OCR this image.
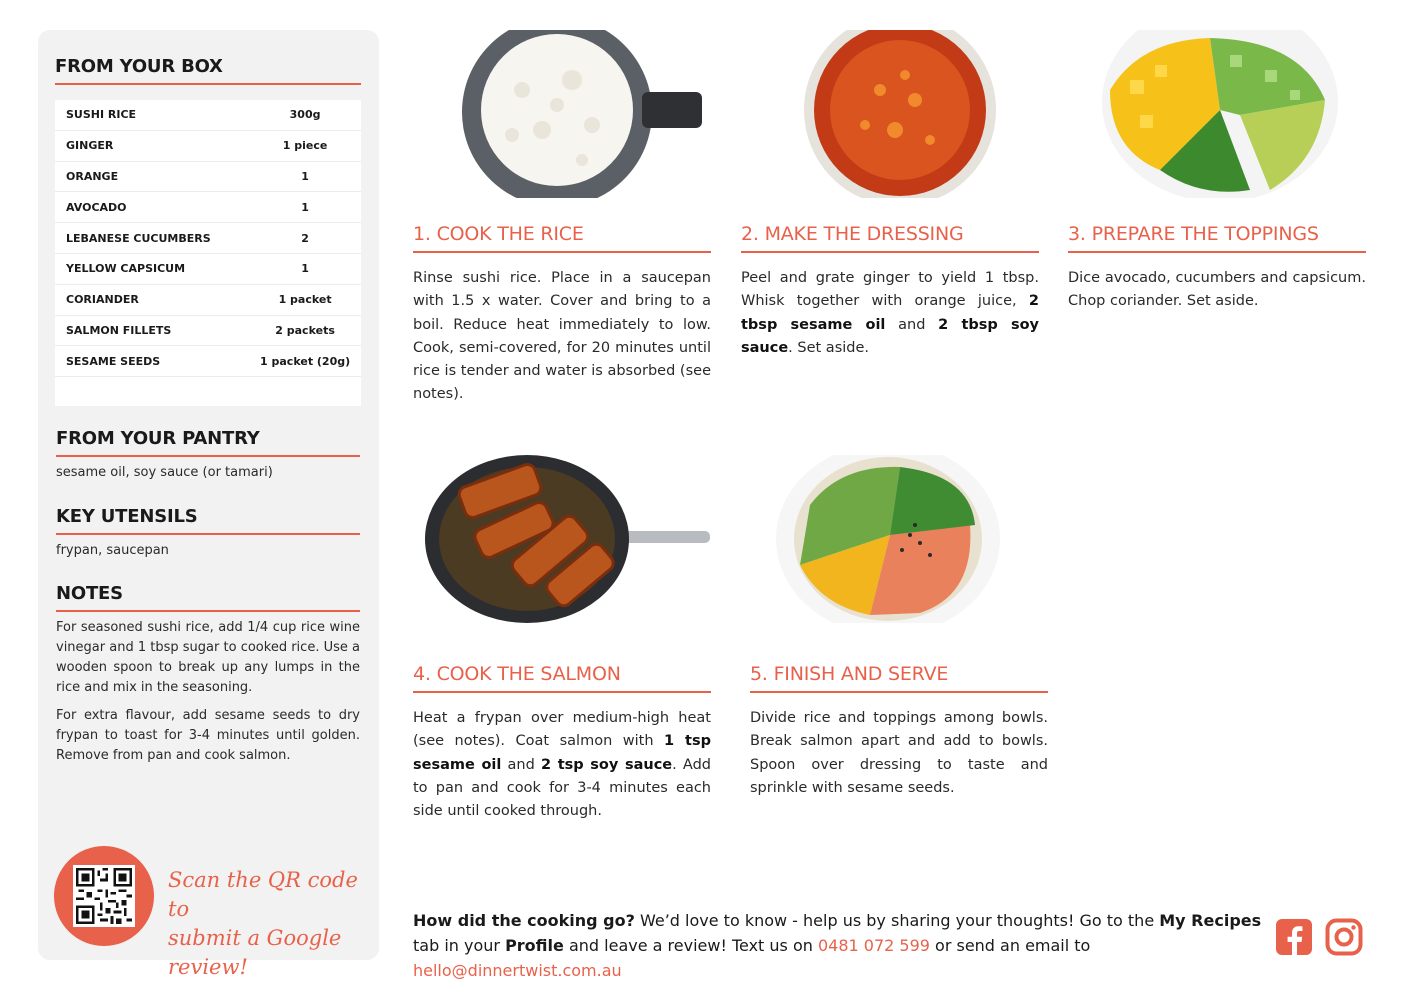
FROM YOUR BOX
SUSHI RICE	300g
GINGER	1 piece
ORANGE	1
AVOCADO	1
LEBANESE CUCUMBERS	2
YELLOW CAPSICUM	1
CORIANDER	1 packet
SALMON FILLETS	2 packets
SESAME SEEDS	1 packet (20g)
FROM YOUR PANTRY
sesame oil, soy sauce (or tamari)
KEY UTENSILS
frypan, saucepan
NOTES

For seasoned sushi rice, add 1/4 cup rice wine vinegar and 1 tbsp sugar to cooked rice. Use a wooden spoon to break up any lumps in the rice and mix in the seasoning.

For extra flavour, add sesame seeds to dry frypan to toast for 3-4 minutes until golden. Remove from pan and cook salmon.

Scan the QR code to
submit a Google review!
1. COOK THE RICE
Rinse sushi rice. Place in a saucepan with 1.5 x water. Cover and bring to a boil. Reduce heat immediately to low. Cook, semi-covered, for 20 minutes until rice is tender and water is absorbed (see notes).
2. MAKE THE DRESSING
Peel and grate ginger to yield 1 tbsp. Whisk together with orange juice, 2 tbsp sesame oil and 2 tbsp soy sauce. Set aside.
3. PREPARE THE TOPPINGS
Dice avocado, cucumbers and capsicum. Chop coriander. Set aside.
4. COOK THE SALMON
Heat a frypan over medium-high heat (see notes). Coat salmon with 1 tsp sesame oil and 2 tsp soy sauce. Add to pan and cook for 3-4 minutes each side until cooked through.
5. FINISH AND SERVE
Divide rice and toppings among bowls. Break salmon apart and add to bowls. Spoon over dressing to taste and sprinkle with sesame seeds.
How did the cooking go? We’d love to know - help us by sharing your thoughts! Go to the My Recipes tab in your Profile and leave a review! Text us on 0481 072 599 or send an email to hello@dinnertwist.com.au
